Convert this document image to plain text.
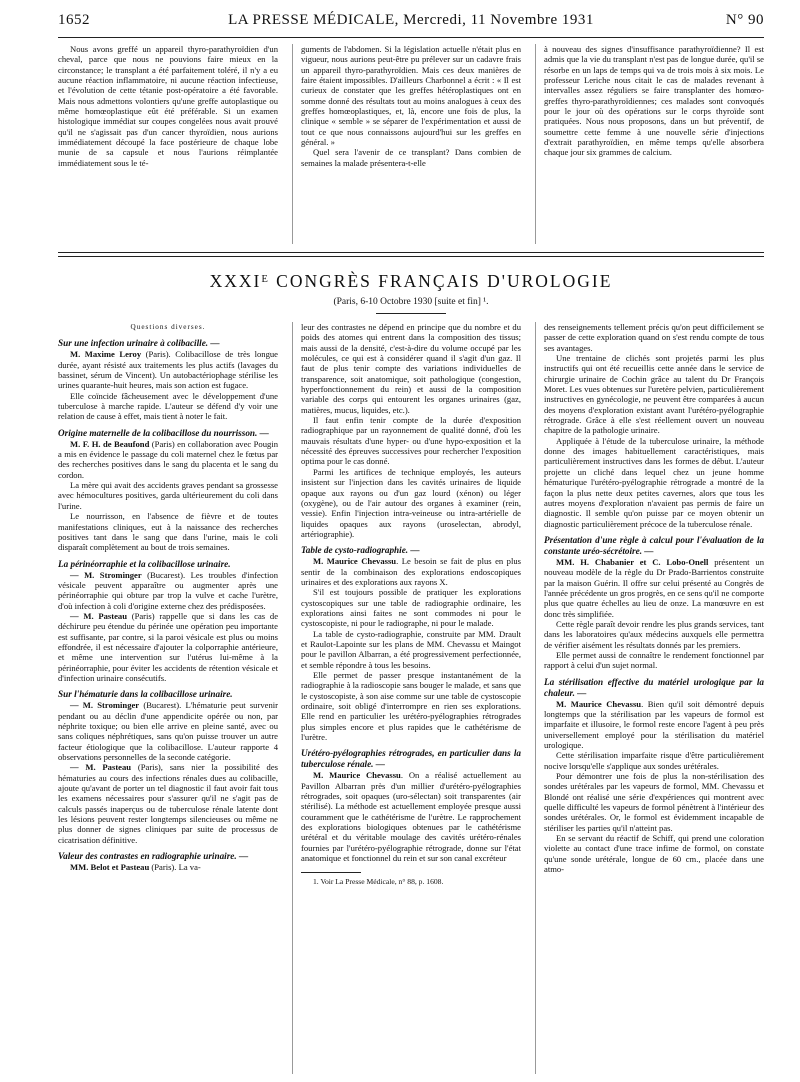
1652	LA PRESSE MÉDICALE, Mercredi, 11 Novembre 1931	N° 90

Nous avons greffé un appareil thyro-parathyroïdien d'un cheval, parce que nous ne pouvions faire mieux en la circonstance; le transplant a été parfaitement toléré, il n'y a eu aucune réaction inflammatoire, ni aucune réaction infectieuse, et l'évolution de cette tétanie post-opératoire a été favorable. Mais nous admettons volontiers qu'une greffe autoplastique ou même homœoplastique eût été préférable. Si un examen histologique immédiat sur coupes congelées nous avait prouvé qu'il ne s'agissait pas d'un cancer thyroïdien, nous aurions immédiatement découpé la face postérieure de chaque lobe munie de sa capsule et nous l'aurions réimplantée immédiatement sous le té-

guments de l'abdomen. Si la législation actuelle n'était plus en vigueur, nous aurions peut-être pu prélever sur un cadavre frais un appareil thyro-parathyroïdien. Mais ces deux manières de faire étaient impossibles. D'ailleurs Charbonnel a écrit : « Il est curieux de constater que les greffes hétéroplastiques ont en somme donné des résultats tout au moins analogues à ceux des greffes homœoplastiques, et, là, encore une fois de plus, la clinique « semble » se séparer de l'expérimentation et aussi de tout ce que nous connaissons aujourd'hui sur les greffes en général. »

Quel sera l'avenir de ce transplant? Dans combien de semaines la malade présentera-t-elle

à nouveau des signes d'insuffisance parathyroïdienne? Il est admis que la vie du transplant n'est pas de longue durée, qu'il se résorbe en un laps de temps qui va de trois mois à six mois. Le professeur Leriche nous citait le cas de malades revenant à intervalles assez réguliers se faire transplanter des homœo-greffes thyro-parathyroïdiennes; ces malades sont convoqués pour le jour où des opérations sur le corps thyroïde sont pratiquées. Nous nous proposons, dans un but préventif, de soumettre cette femme à une nouvelle série d'injections d'extrait parathyroïdien, en même temps qu'elle absorbera chaque jour six grammes de calcium.

XXXIᴱ CONGRÈS FRANÇAIS D'UROLOGIE
(Paris, 6-10 Octobre 1930 [suite et fin] ¹.

Questions diverses.

Sur une infection urinaire à colibacille. —

M. Maxime Leroy (Paris). Colibacillose de très longue durée, ayant résisté aux traitements les plus actifs (lavages du bassinet, sérum de Vincent). Un autobactériophage stérilise les urines quarante-huit heures, mais son action est fugace.

Elle coïncide fâcheusement avec le développement d'une tuberculose à marche rapide. L'auteur se défend d'y voir une relation de cause à effet, mais tient à noter le fait.

Origine maternelle de la colibacillose du nourrisson. —

M. F. H. de Beaufond (Paris) en collaboration avec Pougin a mis en évidence le passage du coli maternel chez le fœtus par des recherches positives dans le sang du placenta et le sang du cordon.

La mère qui avait des accidents graves pendant sa grossesse avec hémocultures positives, garda ultérieurement du coli dans l'urine.

Le nourrisson, en l'absence de fièvre et de toutes manifestations cliniques, eut à la naissance des recherches positives tant dans le sang que dans l'urine, mais le coli disparaît complètement au bout de trois semaines.

La périnéorraphie et la colibacillose urinaire.

— M. Strominger (Bucarest). Les troubles d'infection vésicale peuvent apparaître ou augmenter après une périnéorraphie qui obture par trop la vulve et cache l'urètre, d'où infection à coli d'origine externe chez des prédisposées.

— M. Pasteau (Paris) rappelle que si dans les cas de déchirure peu étendue du périnée une opération peu importante est suffisante, par contre, si la paroi vésicale est plus ou moins effondrée, il est nécessaire d'ajouter la colporraphie antérieure, et même une intervention sur l'utérus lui-même à la périnéorraphie, pour éviter les accidents de rétention vésicale et d'infection urinaire consécutifs.

Sur l'hématurie dans la colibacillose urinaire.

— M. Strominger (Bucarest). L'hématurie peut survenir pendant ou au déclin d'une appendicite opérée ou non, par néphrite toxique; ou bien elle arrive en pleine santé, avec ou sans coliques néphrétiques, sans qu'on puisse trouver un autre facteur étiologique que la colibacillose. L'auteur rapporte 4 observations personnelles de la seconde catégorie.

— M. Pasteau (Paris), sans nier la possibilité des hématuries au cours des infections rénales dues au colibacille, ajoute qu'avant de porter un tel diagnostic il faut avoir fait tous les examens nécessaires pour s'assurer qu'il ne s'agit pas de calculs passés inaperçus ou de tuberculose rénale latente dont les lésions peuvent rester longtemps silencieuses ou même ne plus donner de signes cliniques par suite de processus de cicatrisation définitive.

Valeur des contrastes en radiographie urinaire. —

MM. Belot et Pasteau (Paris). La va-

leur des contrastes ne dépend en principe que du nombre et du poids des atomes qui entrent dans la composition des tissus; mais aussi de la densité, c'est-à-dire du volume occupé par les molécules, ce qui est à considérer quand il s'agit d'un gaz. Il faut de plus tenir compte des variations individuelles de transparence, soit anatomique, soit pathologique (congestion, hyperfonctionnement du rein) et aussi de la composition variable des corps qui entourent les organes urinaires (gaz, matières, mucus, liquides, etc.).

Il faut enfin tenir compte de la durée d'exposition radiographique par un rayonnement de qualité donné, d'où les mauvais résultats d'une hyper- ou d'une hypo-exposition et la nécessité des épreuves successives pour rechercher l'exposition optima pour le cas donné.

Parmi les artifices de technique employés, les auteurs insistent sur l'injection dans les cavités urinaires de liquide opaque aux rayons ou d'un gaz lourd (xénon) ou léger (oxygène), ou de l'air autour des organes à examiner (rein, vessie). Enfin l'injection intra-veineuse ou intra-artérielle de liquides opaques aux rayons (uroselectan, abrodyl, artériographie).

Table de cysto-radiographie. —

M. Maurice Chevassu. Le besoin se fait de plus en plus sentir de la combinaison des explorations endoscopiques urinaires et des explorations aux rayons X.

S'il est toujours possible de pratiquer les explorations cystoscopiques sur une table de radiographie ordinaire, les explorations ainsi faites ne sont commodes ni pour le cystoscopiste, ni pour le radiographe, ni pour le malade.

La table de cysto-radiographie, construite par MM. Drault et Raulot-Lapointe sur les plans de MM. Chevassu et Maingot pour le pavillon Albarran, a été progressivement perfectionnée, et semble répondre à tous les besoins.

Elle permet de passer presque instantanément de la radiographie à la radioscopie sans bouger le malade, et sans que le cystoscopiste, à son aise comme sur une table de cystoscopie ordinaire, soit obligé d'interrompre en rien ses explorations. Elle rend en particulier les urétéro-pyélographies rétrogrades plus simples encore et plus rapides que le cathétérisme de l'urètre.

Urétéro-pyélographies rétrogrades, en particulier dans la tuberculose rénale. —

M. Maurice Chevassu. On a réalisé actuellement au Pavillon Albarran près d'un millier d'urétéro-pyélographies rétrogrades, soit opaques (uro-sélectan) soit transparentes (air stérilisé). La méthode est actuellement employée presque aussi couramment que le cathétérisme de l'urètre. Le rapprochement des explorations biologiques obtenues par le cathétérisme urétéral et du véritable moulage des cavités urétéro-rénales fournies par l'urétéro-pyélographie rétrograde, donne sur l'état anatomique et fonctionnel du rein et sur son canal excréteur

1. Voir La Presse Médicale, n° 88, p. 1608.

des renseignements tellement précis qu'on peut difficilement se passer de cette exploration quand on s'est rendu compte de tous ses avantages.

Une trentaine de clichés sont projetés parmi les plus instructifs qui ont été recueillis cette année dans le service de chirurgie urinaire de Cochin grâce au talent du Dr François Moret. Les vues obtenues sur l'uretère pelvien, particulièrement instructives en gynécologie, ne peuvent être comparées à aucun des moyens d'exploration existant avant l'urétéro-pyélographie rétrograde. Grâce à elle s'est réellement ouvert un nouveau chapitre de la pathologie urinaire.

Appliquée à l'étude de la tuberculose urinaire, la méthode donne des images habituellement caractéristiques, mais particulièrement instructives dans les formes de début. L'auteur projette un cliché dans lequel chez un jeune homme hématurique l'urétéro-pyélographie rétrograde a montré de la façon la plus nette deux petites cavernes, alors que tous les autres moyens d'exploration n'avaient pas permis de faire un diagnostic. Il semble qu'on puisse par ce moyen obtenir un diagnostic particulièrement précoce de la tuberculose rénale.

Présentation d'une règle à calcul pour l'évaluation de la constante uréo-sécrétoire. —

MM. H. Chabanier et C. Lobo-Onell présentent un nouveau modèle de la règle du Dr Prado-Barrientos construite par la maison Guérin. Il offre sur celui présenté au Congrès de l'année précédente un gros progrès, en ce sens qu'il ne comporte plus que quatre échelles au lieu de onze. La manœuvre en est donc très simplifiée.

Cette règle paraît devoir rendre les plus grands services, tant dans les laboratoires qu'aux médecins auxquels elle permettra de vérifier aisément les résultats donnés par les premiers.

Elle permet aussi de connaître le rendement fonctionnel par rapport à celui d'un sujet normal.

La stérilisation effective du matériel urologique par la chaleur. —

M. Maurice Chevassu. Bien qu'il soit démontré depuis longtemps que la stérilisation par les vapeurs de formol est imparfaite et illusoire, le formol reste encore l'agent à peu près universellement employé pour la stérilisation du matériel urologique.

Cette stérilisation imparfaite risque d'être particulièrement nocive lorsqu'elle s'applique aux sondes urétérales.

Pour démontrer une fois de plus la non-stérilisation des sondes urétérales par les vapeurs de formol, MM. Chevassu et Blondé ont réalisé une série d'expériences qui montrent avec quelle difficulté les vapeurs de formol pénètrent à l'intérieur des sondes urétérales. Or, le formol est évidemment incapable de stériliser les parties qu'il n'atteint pas.

En se servant du réactif de Schiff, qui prend une coloration violette au contact d'une trace infime de formol, on constate qu'une sonde urétérale, longue de 60 cm., placée dans une atmo-
